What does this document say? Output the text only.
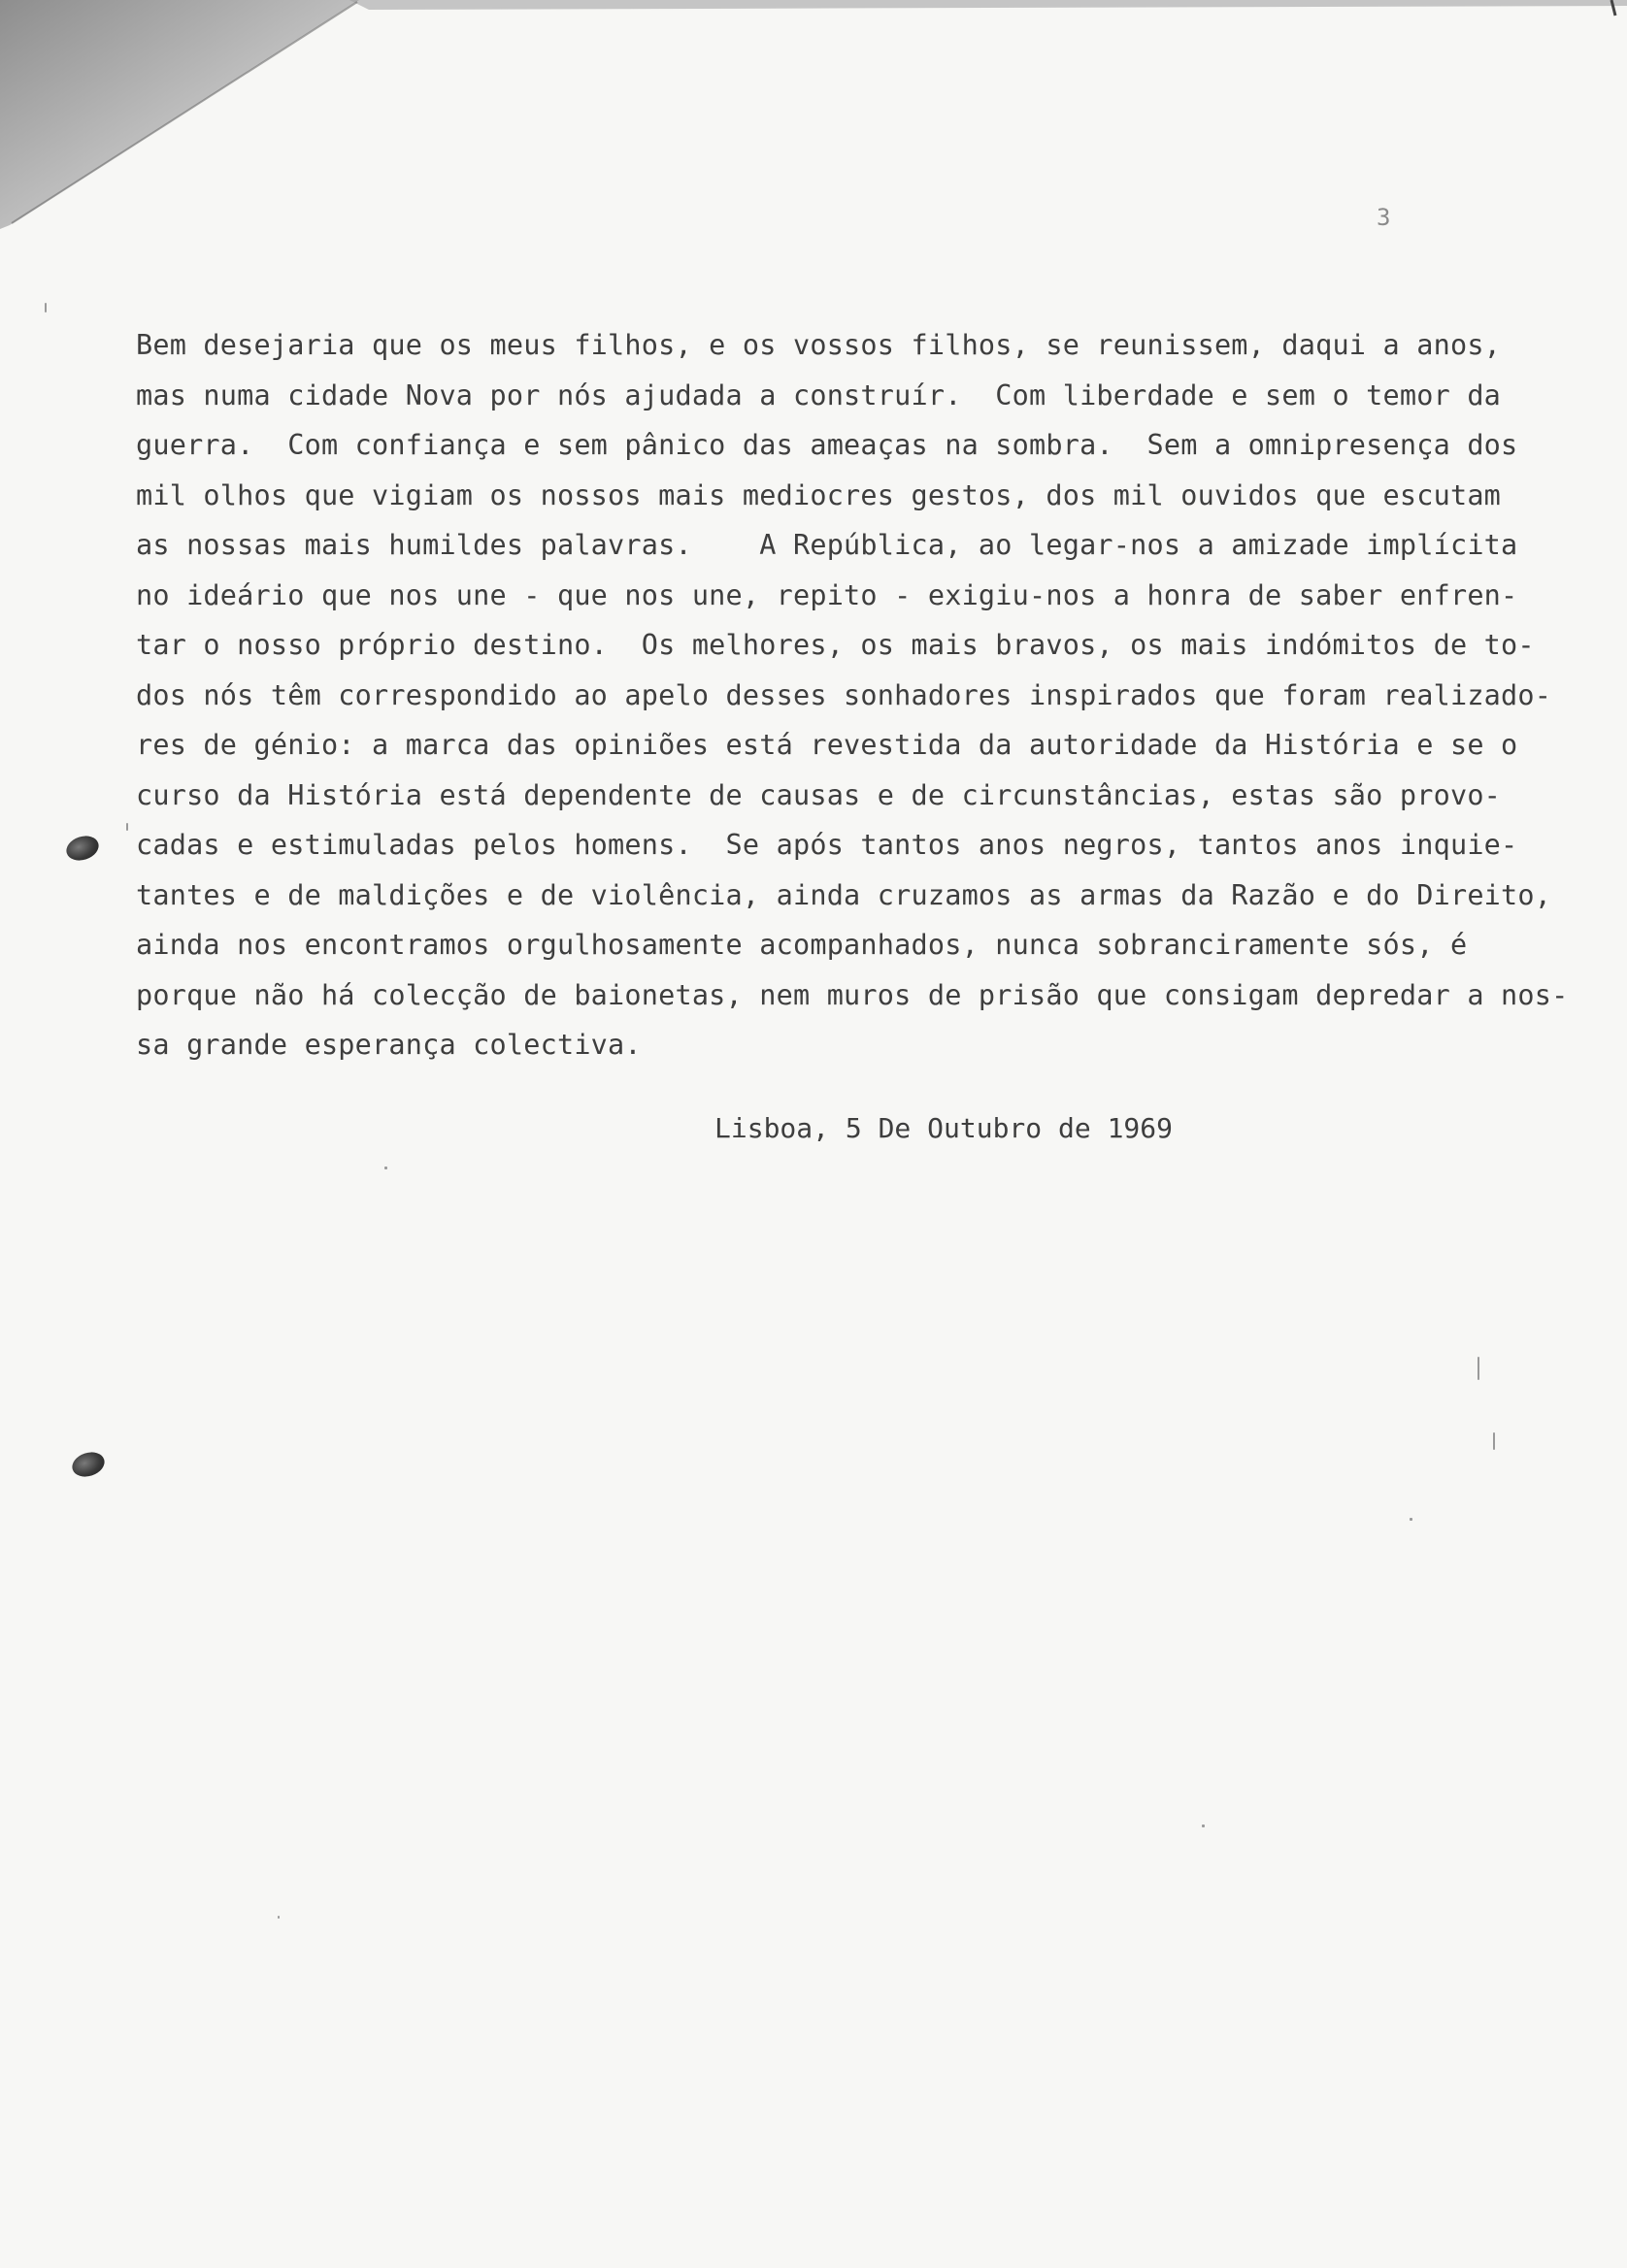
3
Bem desejaria que os meus filhos, e os vossos filhos, se reunissem, daqui a anos,
mas numa cidade Nova por nós ajudada a construír.  Com liberdade e sem o temor da
guerra.  Com confiança e sem pânico das ameaças na sombra.  Sem a omnipresença dos
mil olhos que vigiam os nossos mais mediocres gestos, dos mil ouvidos que escutam
as nossas mais humildes palavras.    A República, ao legar-nos a amizade implícita
no ideário que nos une - que nos une, repito - exigiu-nos a honra de saber enfren-
tar o nosso próprio destino.  Os melhores, os mais bravos, os mais indómitos de to-
dos nós têm correspondido ao apelo desses sonhadores inspirados que foram realizado-
res de génio: a marca das opiniões está revestida da autoridade da História e se o
curso da História está dependente de causas e de circunstâncias, estas são provo-
cadas e estimuladas pelos homens.  Se após tantos anos negros, tantos anos inquie-
tantes e de maldições e de violência, ainda cruzamos as armas da Razão e do Direito,
ainda nos encontramos orgulhosamente acompanhados, nunca sobranciramente sós, é
porque não há colecção de baionetas, nem muros de prisão que consigam depredar a nos-
sa grande esperança colectiva.
Lisboa, 5 De Outubro de 1969
